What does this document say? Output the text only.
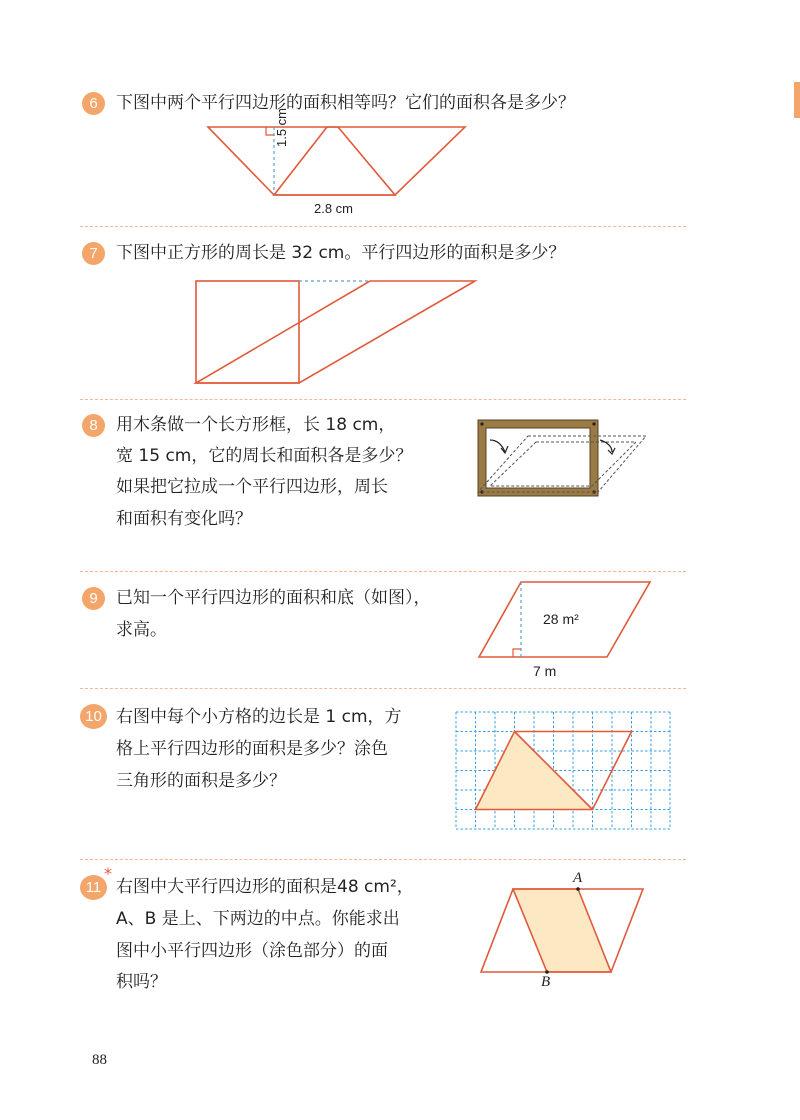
6	下图中两个平行四边形的面积相等吗？它们的面积各是多少？
1.5 cm
2.8 cm
7	下图中正方形的周长是 32 cm。平行四边形的面积是多少？
8	用木条做一个长方形框，长 18 cm，
宽 15 cm，它的周长和面积各是多少？
如果把它拉成一个平行四边形，周长
和面积有变化吗？
9	已知一个平行四边形的面积和底（如图），
求高。
28 m²
7 m
10 右图中每个小方格的边长是 1 cm，方
格上平行四边形的面积是多少？涂色
三角形的面积是多少？
11
*
右图中大平行四边形的面积是48 cm²，
A、B 是上、下两边的中点。你能求出
图中小平行四边形（涂色部分）的面
积吗？
A
B
88
